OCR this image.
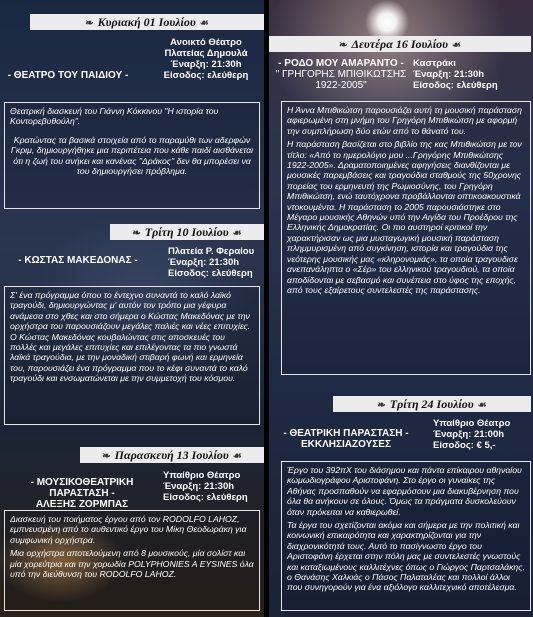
❧ Κυριακή 01 Ιουλίου ☙
- ΘΕΑΤΡΟ ΤΟΥ ΠΑΙΔΙΟΥ -
Ανοικτό Θέατρο
Πλατείας Δημουλά
Έναρξη: 21:30h
Είσοδος: ελεύθερη

Θεατρική διασκευή του Γιάννη Κόκκινου "Η ιστορία του Κοντορεβυθούλη".

Κρατώντας τα βασικά στοιχεία από το παραμύθι των αδερφών Γκριμ, δημιουργήθηκε μια περιπέτεια που κάθε παιδί αισθάνεται ότι η ζωή του ανήκει και κανένας "Δράκος" δεν θα μπορέσει να του δημιουργήσει πρόβλημα.

❧ Τρίτη 10 Ιουλίου ☙
- ΚΩΣΤΑΣ ΜΑΚΕΔΟΝΑΣ -
Πλατεία Ρ. Φεραίου
Έναρξη: 21:30h
Είσοδος: ελεύθερη

Σ' ένα πρόγραμμα όπου το έντεχνο συναντά το καλό λαϊκό τραγούδι, δημιουργώντας μ' αυτόν τον τρόπο μια γέφυρα ανάμεσα στο χθες και στο σήμερα ο Κώστας Μακεδόνας με την ορχήστρα του παρουσιάζουν μεγάλες παλιές και νέες επιτυχίες. Ο Κώστας Μακεδόνας κουβαλώντας στις αποσκευές του πολλές και μεγάλες επιτυχίες και επιλέγοντας τα πιο γνωστά λαϊκά τραγούδια, με την μοναδική στιβαρή φωνή και ερμηνεία του, παρουσιάζει ένα πρόγραμμα που το κέφι συναντά το καλό τραγούδι και ενσωματώνεται με την συμμετοχή του κόσμου.

❧ Παρασκευή 13 Ιουλίου ☙
- ΜΟΥΣΙΚΟΘΕΑΤΡΙΚΗ ΠΑΡΑΣΤΑΣΗ -
ΑΛΕΞΗΣ ΖΟΡΜΠΑΣ
Υπαίθριο Θέατρο
Έναρξη: 21:30h
Είσοδος: ελεύθερη

Διασκευή του ποιήματος έργου από τον RODOLFO LAHOZ, εμπνευσμένη από το αυθεντικό έργο του Μίκη Θεοδωράκη για συμφωνική ορχήστρα.

Μια ορχήστρα αποτελούμενη από 8 μουσικούς, μία σολίστ και μία χορεύτρια και την χορωδία POLYPHONIES A EYSINES όλα υπό την διεύθυνση του RODOLFO LAHOZ.

❧ Δευτέρα 16 Ιουλίου ☙
- ΡΟΔΟ ΜΟΥ ΑΜΑΡΑΝΤΟ -
" ΓΡΗΓΟΡΗΣ ΜΠΙΘΙΚΩΤΣΗΣ
1922-2005"
Καστράκι
Έναρξη: 21:30h
Είσοδος: ελεύθερη

Η Άννα Μπιθικώτση παρουσιάζει αυτή τη μουσική παράσταση αφιερωμένη στη μνήμη του Γρηγόρη Μπιθικώτση με αφορμή την συμπλήρωση δύο ετών από το θάνατό του.

Η παράσταση βασίζεται στο βιβλίο της κας Μπιθικώτση με τον τίτλο: «Από το ημερολόγιο μου ...Γρηγόρης Μπιθικώτσης 1922-2005». Δραματοποιημένες αφηγήσεις διανθίζονται με μουσικές παρεμβάσεις και τραγούδια σταθμούς της 50χρονης πορείας του ερμηνευτή της Ρωμιοσύνης, του Γρηγόρη Μπιθικώτση, ενώ ταυτόχρονα προβάλλονται οπτικοακουστικά ντοκουμέντα. Η παράσταση το 2005 παρουσιάστηκε στο Μέγαρο μουσικής Αθηνών υπό την Αιγίδα του Προέδρου της Ελληνικής Δημοκρατίας. Οι πιο αυστηροί κριτικοί την χαρακτήρισαν ως μια μυσταγωγική μουσική παράσταση πλημμυρισμένη από συγκίνηση, ιστορία και τραγούδια της νεότερης μουσικής μας «κληρονομιάς», τα οποία τραγουδισε ανεπανάληπτα ο «Σέρ» του ελληνικού τραγουδιού, τα οποία αποδίδονται με σεβασμό και συνέπεια στο ύφος της εποχής, από τους εξαίρετους συντελεστές της παράστασης.

❧ Τρίτη 24 Ιουλίου ☙
- ΘΕΑΤΡΙΚΗ ΠΑΡΑΣΤΑΣΗ -
ΕΚΚΛΗΣΙΑΖΟΥΣΕΣ
Υπαίθριο Θέατρο
Έναρξη: 21:00h
Είσοδος: € 5,-

Έργο του 392πΧ του διάσημου και πάντα επίκαιρου αθηναίου κωμωδιογράφου Αριστοφάνη. Στο έργο οι γυναίκες της Αθήνας προσπαθούν να εφαρμόσουν μια διακυβέρνηση που όλα θα ανήκουν σε όλους. Όμως τα πράγματα δυσκολεύουν όταν πρόκειται να καθιερωθεί.

Τα έργα του σχετίζονται ακόμα και σήμερα με την πολιτική και κοινωνική επικαιρότητα και χαρακτηρίζονται για την διαχρονικότητά τους. Αυτό το πασίγνωστο έργο του Αριστοφάνη έρχεται στην πόλη μας με συντελεστές γνωστούς και καταξιωμένους καλλιτέχνες όπως ο Γιώργος Παρτσαλάκης, ο Θανάσης Χαλκιάς ο Πάσος Παλαταλέας και πολλοί άλλοι που συνηγορούν για ένα αξιόλογο καλλιτεχνικό αποτέλεσμα.
